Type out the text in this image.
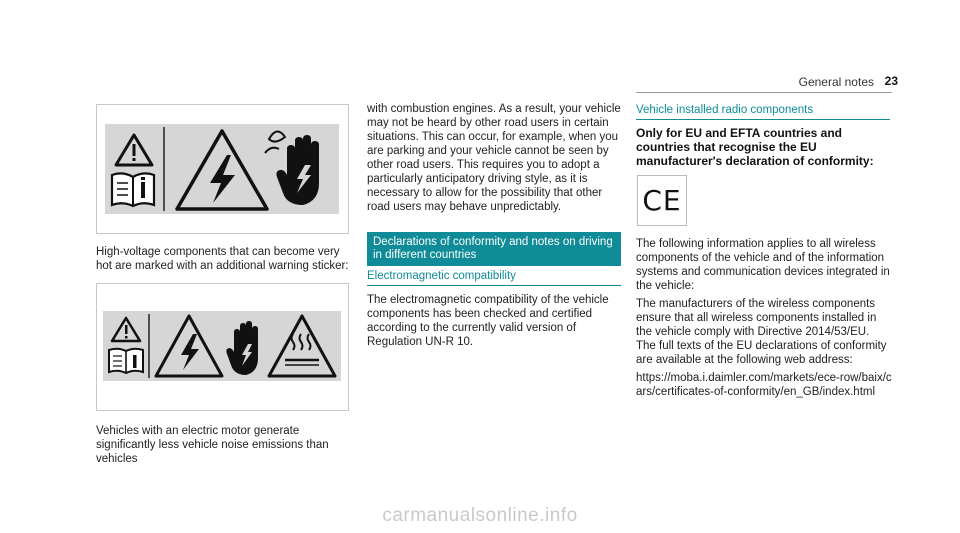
General notes 23
High-voltage components that can become very hot are marked with an additional warning sticker:
Vehicles with an electric motor generate significantly less vehicle noise emissions than vehicles
with combustion engines. As a result, your vehicle may not be heard by other road users in certain situations. This can occur, for example, when you are parking and your vehicle cannot be seen by other road users. This requires you to adopt a particularly anticipatory driving style, as it is necessary to allow for the possibility that other road users may behave unpredictably.
Declarations of conformity and notes on driving in different countries
Electromagnetic compatibility
The electromagnetic compatibility of the vehicle components has been checked and certified according to the currently valid version of Regulation UN-R 10.
Vehicle installed radio components
Only for EU and EFTA countries and countries that recognise the EU manufacturer's declaration of conformity:
CE

The following information applies to all wireless components of the vehicle and of the information systems and communication devices integrated in the vehicle:

The manufacturers of the wireless components ensure that all wireless components installed in the vehicle comply with Directive 2014/53/EU. The full texts of the EU declarations of conformity are available at the following web address:

https://moba.i.daimler.com/markets/ece-row/baix/cars/certificates-of-conformity/en_GB/index.html

carmanualsonline.info
